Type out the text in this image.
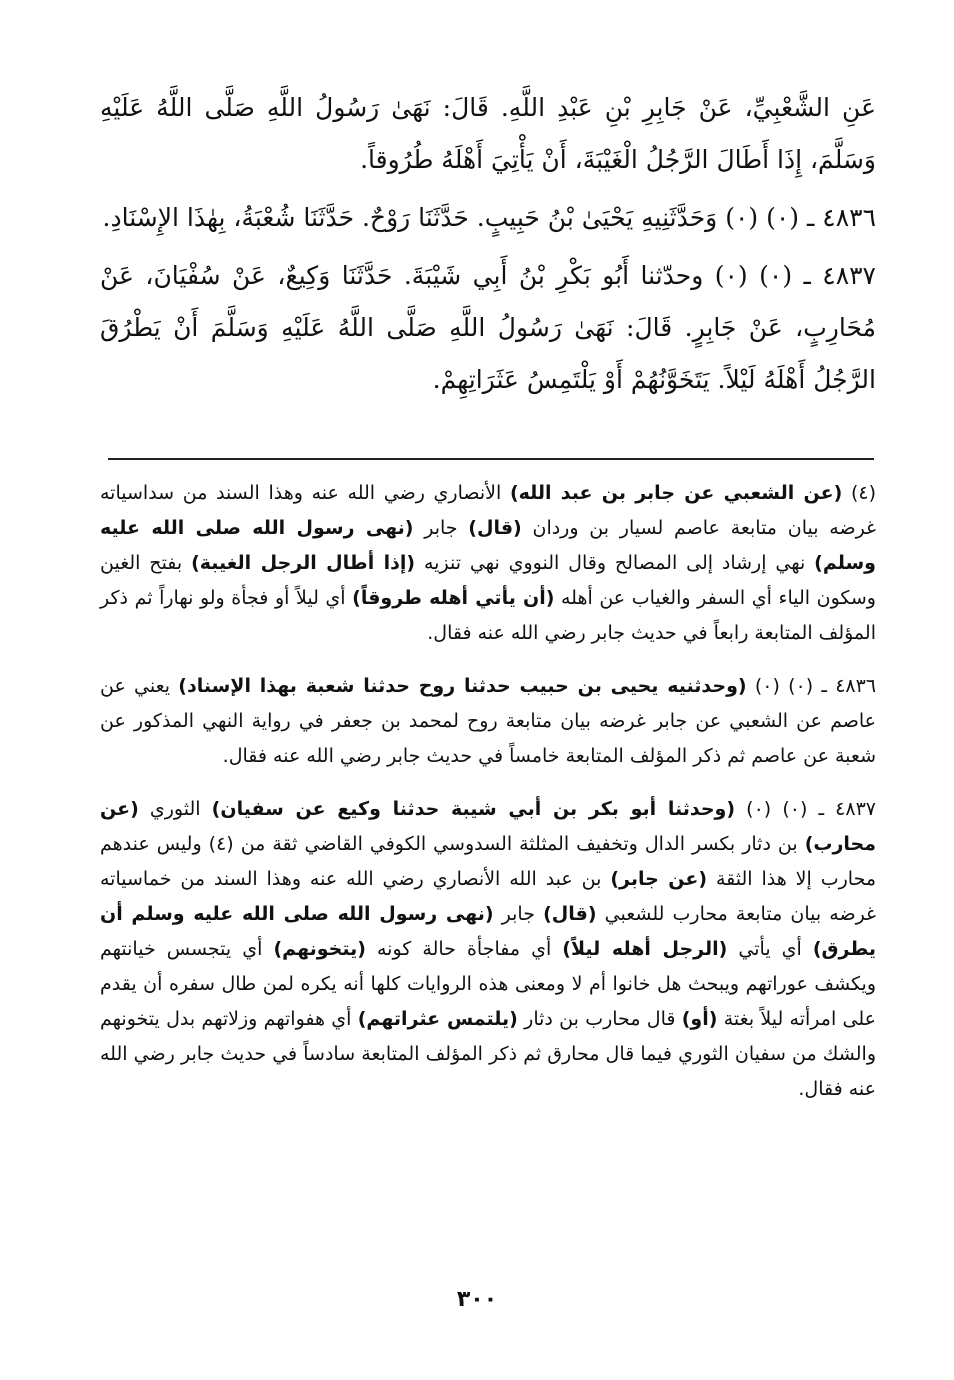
عَنِ الشَّعْبِيِّ، عَنْ جَابِرِ بْنِ عَبْدِ اللَّهِ. قَالَ: نَهَىٰ رَسُولُ اللَّهِ صَلَّى اللَّهُ عَلَيْهِ وَسَلَّمَ، إِذَا أَطَالَ الرَّجُلُ الْغَيْبَةَ، أَنْ يَأْتِيَ أَهْلَهُ طُرُوقاً.

٤٨٣٦ ـ (٠) (٠) وَحَدَّثَنِيهِ يَحْيَىٰ بْنُ حَبِيبٍ. حَدَّثَنَا رَوْحٌ. حَدَّثَنَا شُعْبَةُ، بِهٰذَا الإِسْنَادِ.

٤٨٣٧ ـ (٠) (٠) وحدّثنا أَبُو بَكْرِ بْنُ أَبِي شَيْبَةَ. حَدَّثَنَا وَكِيعٌ، عَنْ سُفْيَانَ، عَنْ مُحَارِبٍ، عَنْ جَابِرٍ. قَالَ: نَهَىٰ رَسُولُ اللَّهِ صَلَّى اللَّهُ عَلَيْهِ وَسَلَّمَ أَنْ يَطْرُقَ الرَّجُلُ أَهْلَهُ لَيْلاً. يَتَخَوَّنُهُمْ أَوْ يَلْتَمِسُ عَثَرَاتِهِمْ.

(٤) (عن الشعبي عن جابر بن عبد الله) الأنصاري رضي الله عنه وهذا السند من سداسياته غرضه بيان متابعة عاصم لسيار بن وردان (قال) جابر (نهى رسول الله صلى الله عليه وسلم) نهي إرشاد إلى المصالح وقال النووي نهي تنزيه (إذا أطال الرجل الغيبة) بفتح الغين وسكون الياء أي السفر والغياب عن أهله (أن يأتي أهله طروقاً) أي ليلاً أو فجأة ولو نهاراً ثم ذكر المؤلف المتابعة رابعاً في حديث جابر رضي الله عنه فقال.

٤٨٣٦ ـ (٠) (٠) (وحدثنيه يحيى بن حبيب حدثنا روح حدثنا شعبة بهذا الإسناد) يعني عن عاصم عن الشعبي عن جابر غرضه بيان متابعة روح لمحمد بن جعفر في رواية النهي المذكور عن شعبة عن عاصم ثم ذكر المؤلف المتابعة خامساً في حديث جابر رضي الله عنه فقال.

٤٨٣٧ ـ (٠) (٠) (وحدثنا أبو بكر بن أبي شيبة حدثنا وكيع عن سفيان) الثوري (عن محارب) بن دثار بكسر الدال وتخفيف المثلثة السدوسي الكوفي القاضي ثقة من (٤) وليس عندهم محارب إلا هذا الثقة (عن جابر) بن عبد الله الأنصاري رضي الله عنه وهذا السند من خماسياته غرضه بيان متابعة محارب للشعبي (قال) جابر (نهى رسول الله صلى الله عليه وسلم أن يطرق) أي يأتي (الرجل أهله ليلاً) أي مفاجأة حالة كونه (يتخونهم) أي يتجسس خيانتهم ويكشف عوراتهم ويبحث هل خانوا أم لا ومعنى هذه الروايات كلها أنه يكره لمن طال سفره أن يقدم على امرأته ليلاً بغتة (أو) قال محارب بن دثار (يلتمس عثراتهم) أي هفواتهم وزلاتهم بدل يتخونهم والشك من سفيان الثوري فيما قال محارق ثم ذكر المؤلف المتابعة سادساً في حديث جابر رضي الله عنه فقال.

٣٠٠
